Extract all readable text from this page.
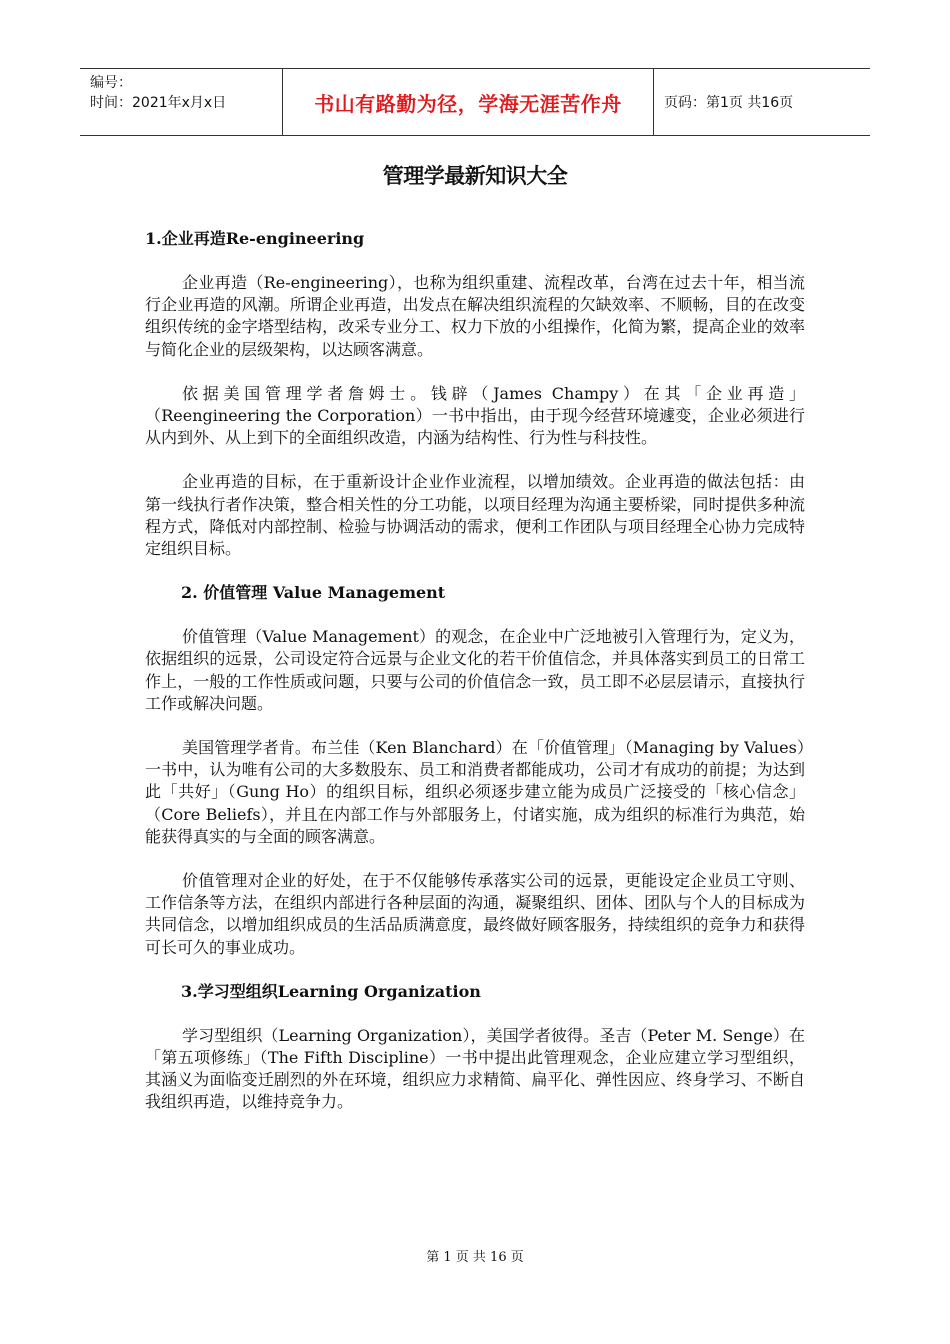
编号：
时间：2021年x月x日	书山有路勤为径，学海无涯苦作舟	页码：第1页 共16页
管理学最新知识大全
1.企业再造Re-engineering

企业再造（Re-engineering），也称为组织重建、流程改革，台湾在过去十年，相当流行企业再造的风潮。所谓企业再造，出发点在解决组织流程的欠缺效率、不顺畅，目的在改变组织传统的金字塔型结构，改采专业分工、权力下放的小组操作，化简为繁，提高企业的效率与简化企业的层级架构，以达顾客满意。

依据美国管理学者詹姆士。钱辟（James Champy）在其「企业再造」（Reengineering the Corporation）一书中指出，由于现今经营环境遽变，企业必须进行从内到外、从上到下的全面组织改造，内涵为结构性、行为性与科技性。

企业再造的目标，在于重新设计企业作业流程，以增加绩效。企业再造的做法包括：由第一线执行者作决策，整合相关性的分工功能，以项目经理为沟通主要桥梁，同时提供多种流程方式，降低对内部控制、检验与协调活动的需求，便利工作团队与项目经理全心协力完成特定组织目标。

2. 价值管理 Value Management

价值管理（Value Management）的观念，在企业中广泛地被引入管理行为，定义为，依据组织的远景，公司设定符合远景与企业文化的若干价值信念，并具体落实到员工的日常工作上，一般的工作性质或问题，只要与公司的价值信念一致，员工即不必层层请示，直接执行工作或解决问题。

美国管理学者肯。布兰佳（Ken Blanchard）在「价值管理」（Managing by Values）一书中，认为唯有公司的大多数股东、员工和消费者都能成功，公司才有成功的前提；为达到此「共好」（Gung Ho）的组织目标，组织必须逐步建立能为成员广泛接受的「核心信念」（Core Beliefs），并且在内部工作与外部服务上，付诸实施，成为组织的标准行为典范，始能获得真实的与全面的顾客满意。

价值管理对企业的好处，在于不仅能够传承落实公司的远景，更能设定企业员工守则、工作信条等方法，在组织内部进行各种层面的沟通，凝聚组织、团体、团队与个人的目标成为共同信念，以增加组织成员的生活品质满意度，最终做好顾客服务，持续组织的竞争力和获得可长可久的事业成功。

3.学习型组织Learning Organization

学习型组织（Learning Organization），美国学者彼得。圣吉（Peter M. Senge）在「第五项修练」（The Fifth Discipline）一书中提出此管理观念，企业应建立学习型组织，其涵义为面临变迁剧烈的外在环境，组织应力求精简、扁平化、弹性因应、终身学习、不断自我组织再造，以维持竞争力。

第 1 页 共 16 页
